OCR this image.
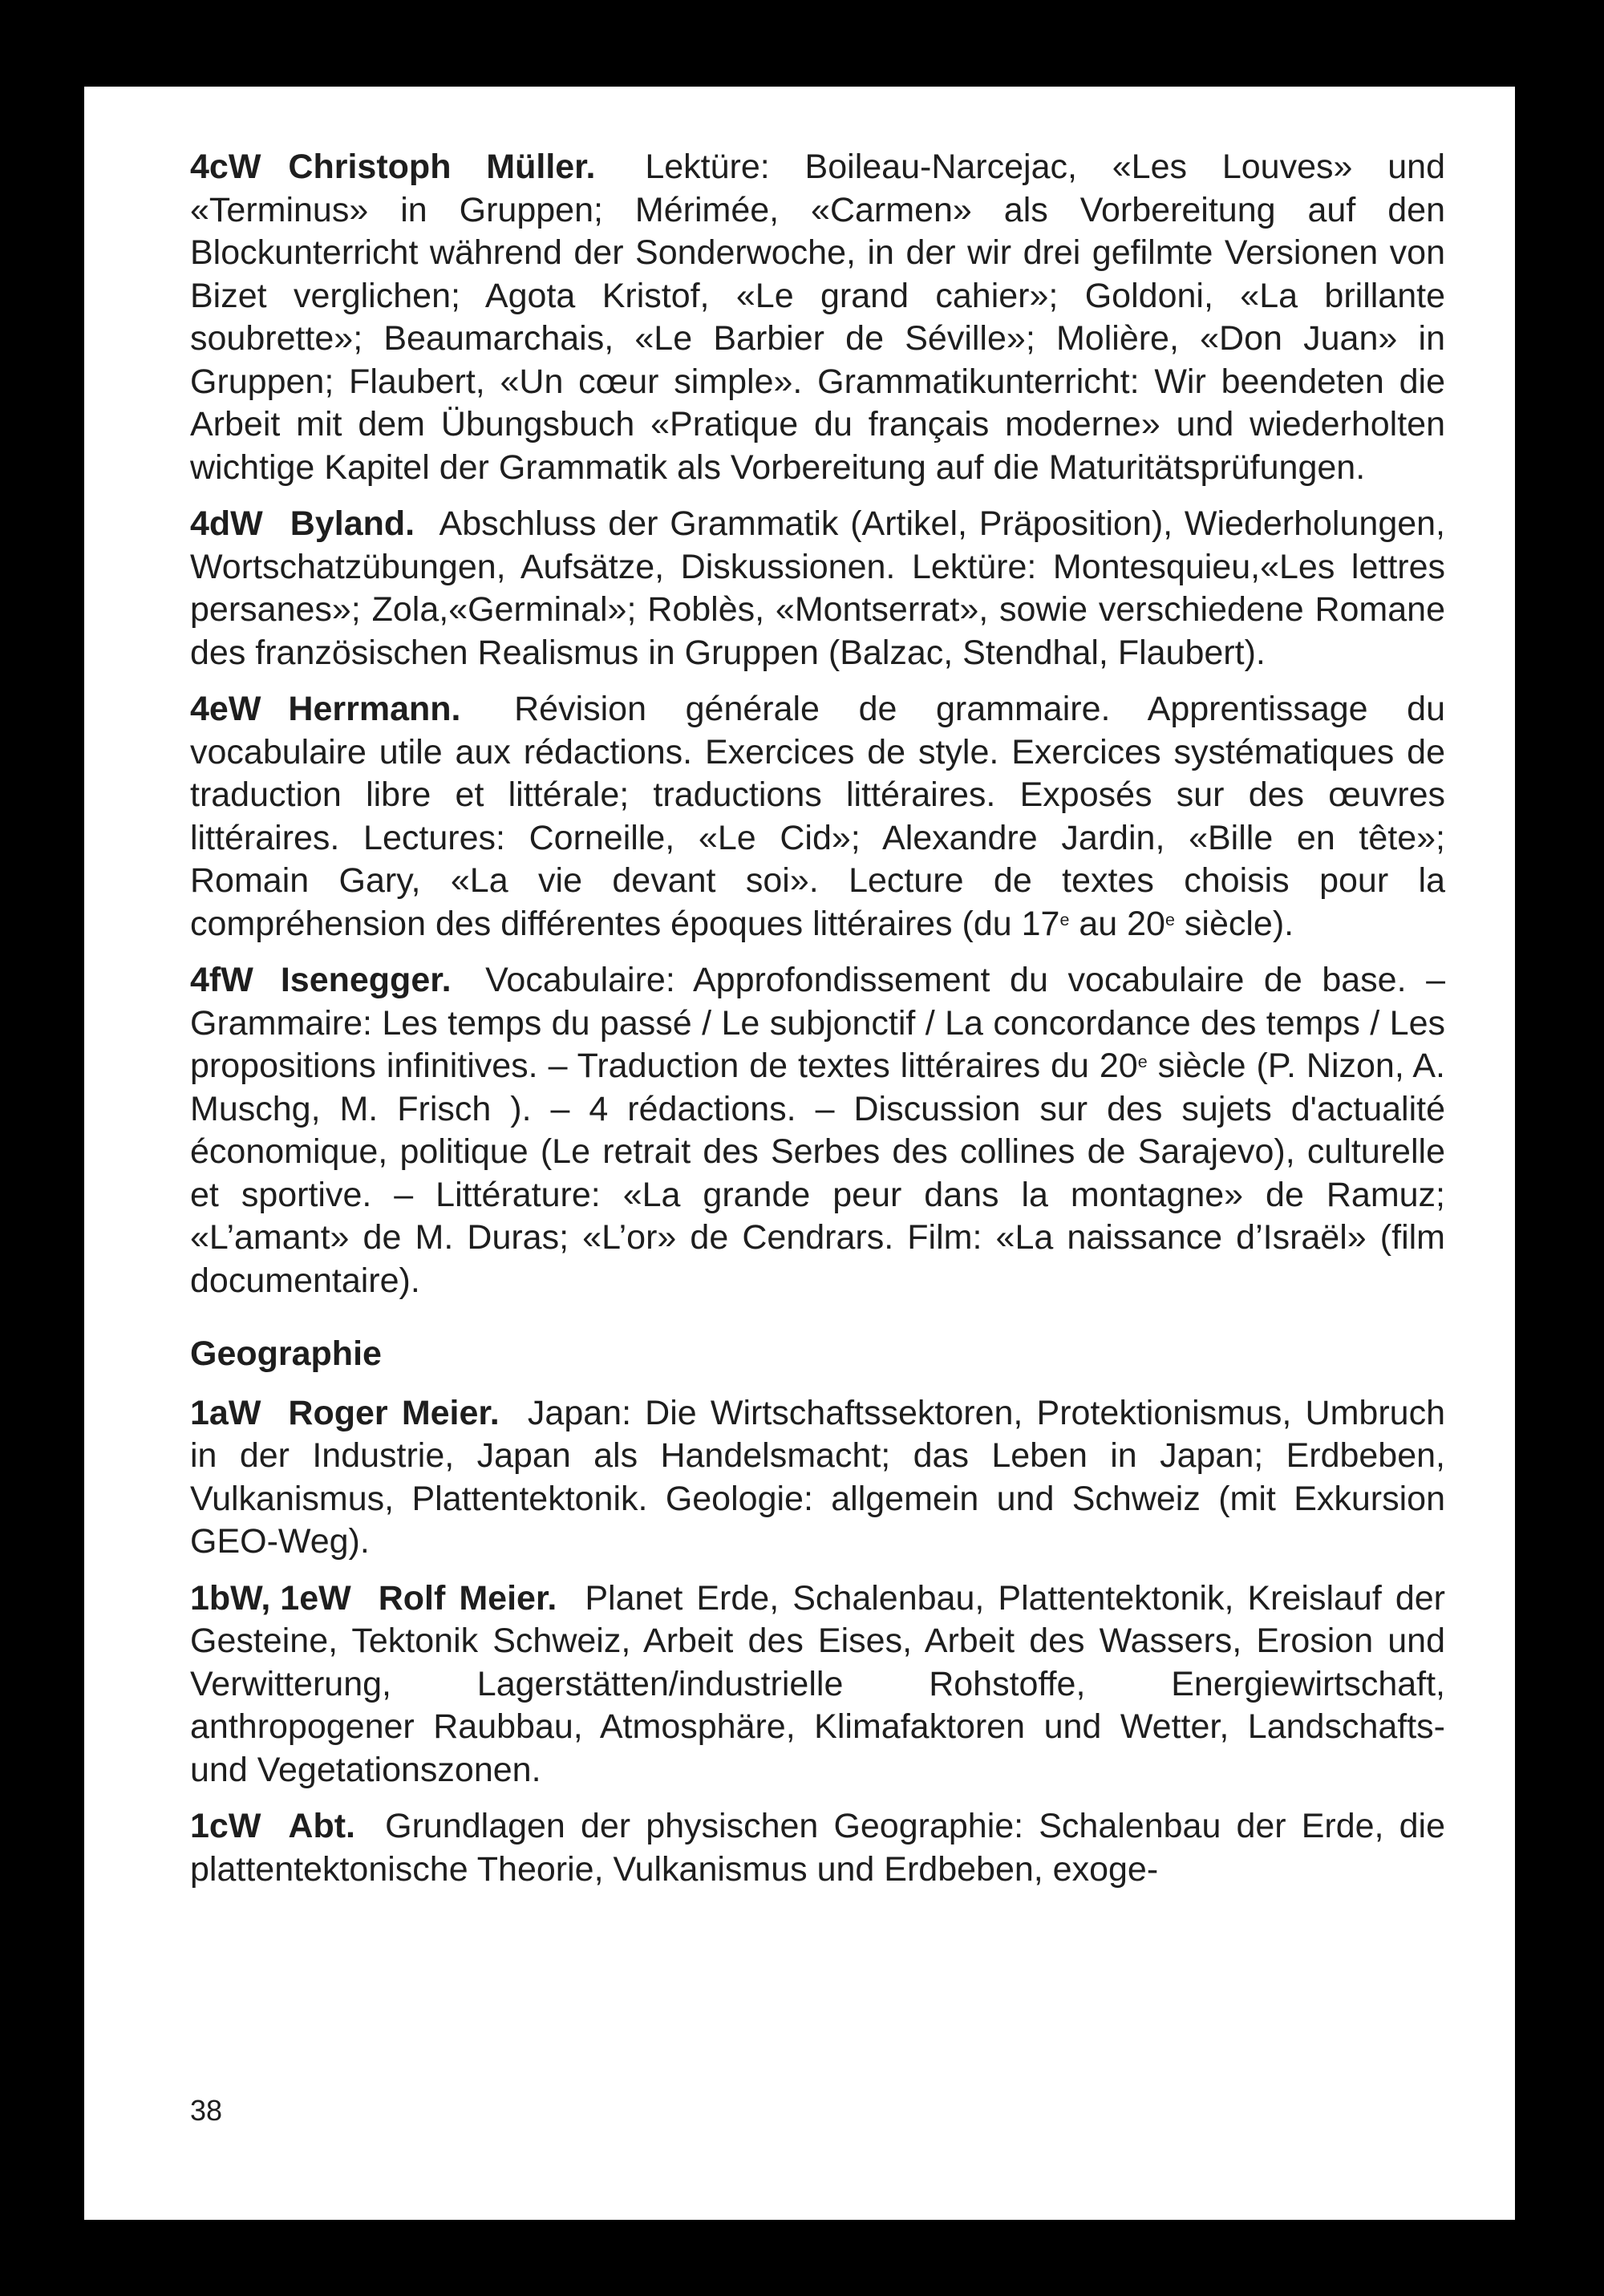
4cW Christoph Müller. Lektüre: Boileau-Narcejac, «Les Louves» und «Terminus» in Gruppen; Mérimée, «Carmen» als Vorbereitung auf den Blockunterricht während der Sonderwoche, in der wir drei gefilmte Versionen von Bizet verglichen; Agota Kristof, «Le grand cahier»; Goldoni, «La brillante soubrette»; Beaumarchais, «Le Barbier de Séville»; Molière, «Don Juan» in Gruppen; Flaubert, «Un cœur simple». Grammatikunterricht: Wir beendeten die Arbeit mit dem Übungsbuch «Pratique du français moderne» und wiederholten wichtige Kapitel der Grammatik als Vorbereitung auf die Maturitätsprüfungen.

4dW Byland. Abschluss der Grammatik (Artikel, Präposition), Wiederholungen, Wortschatzübungen, Aufsätze, Diskussionen. Lektüre: Montesquieu,«Les lettres persanes»; Zola,«Germinal»; Roblès, «Montserrat», sowie verschiedene Romane des französischen Realismus in Gruppen (Balzac, Stendhal, Flaubert).

4eW Herrmann. Révision générale de grammaire. Apprentissage du vocabulaire utile aux rédactions. Exercices de style. Exercices systématiques de traduction libre et littérale; traductions littéraires. Exposés sur des œuvres littéraires. Lectures: Corneille, «Le Cid»; Alexandre Jardin, «Bille en tête»; Romain Gary, «La vie devant soi». Lecture de textes choisis pour la compréhension des différentes époques littéraires (du 17e au 20e siècle).

4fW Isenegger. Vocabulaire: Approfondissement du vocabulaire de base. – Grammaire: Les temps du passé / Le subjonctif / La concordance des temps / Les propositions infinitives. – Traduction de textes littéraires du 20e siècle (P. Nizon, A. Muschg, M. Frisch ). – 4 rédactions. – Discussion sur des sujets d'actualité économique, politique (Le retrait des Serbes des collines de Sarajevo), culturelle et sportive. – Littérature: «La grande peur dans la montagne» de Ramuz; «L’amant» de M. Duras; «L’or» de Cendrars. Film: «La naissance d’Israël» (film documentaire).

Geographie

1aW Roger Meier. Japan: Die Wirtschaftssektoren, Protektionismus, Umbruch in der Industrie, Japan als Handelsmacht; das Leben in Japan; Erdbeben, Vulkanismus, Plattentektonik. Geologie: allgemein und Schweiz (mit Exkursion GEO-Weg).

1bW, 1eW Rolf Meier. Planet Erde, Schalenbau, Plattentektonik, Kreislauf der Gesteine, Tektonik Schweiz, Arbeit des Eises, Arbeit des Wassers, Erosion und Verwitterung, Lagerstätten/industrielle Rohstoffe, Energiewirtschaft, anthropogener Raubbau, Atmosphäre, Klimafaktoren und Wetter, Landschafts- und Vegetationszonen.

1cW Abt. Grundlagen der physischen Geographie: Schalenbau der Erde, die plattentektonische Theorie, Vulkanismus und Erdbeben, exoge-

38
